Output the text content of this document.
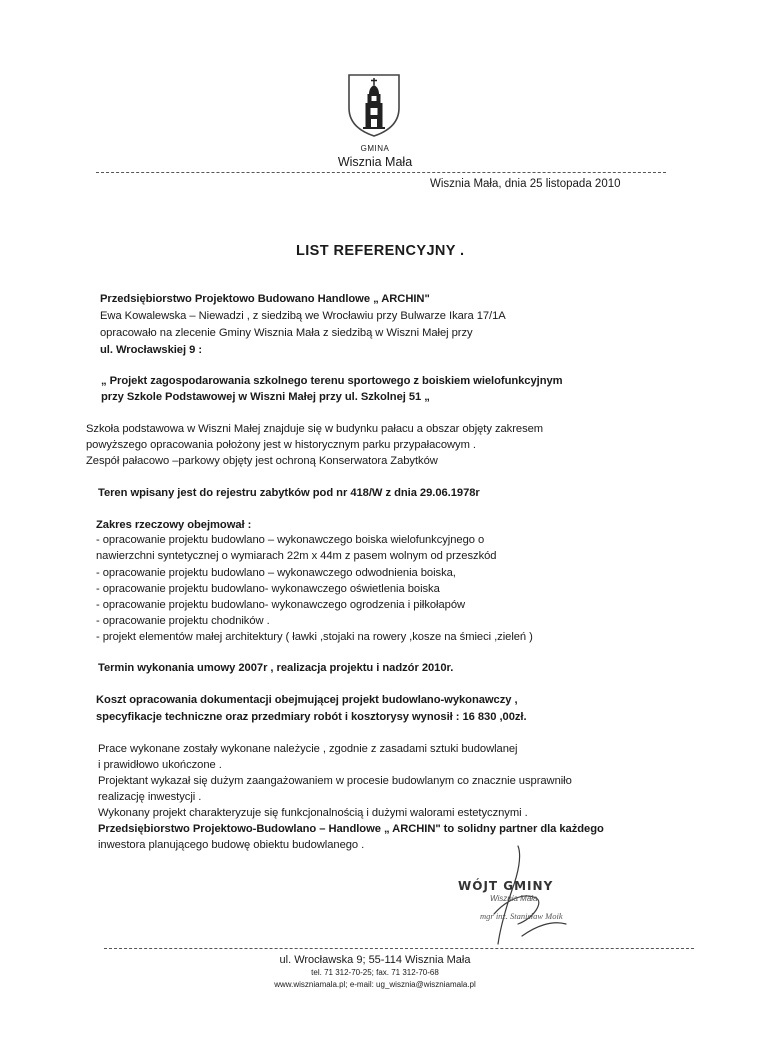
GMINA
Wisznia Mała
Wisznia Mała, dnia 25 listopada 2010
LIST REFERENCYJNY .
Przedsiębiorstwo Projektowo Budowano Handlowe „ ARCHIN"
Ewa Kowalewska – Niewadzi , z siedzibą we Wrocławiu przy Bulwarze Ikara 17/1A
opracowało na zlecenie Gminy Wisznia Mała z siedzibą w Wiszni Małej przy
ul. Wrocławskiej 9 :
„ Projekt zagospodarowania szkolnego terenu sportowego z boiskiem wielofunkcyjnym
przy Szkole Podstawowej w Wiszni Małej przy ul. Szkolnej 51 „
Szkoła podstawowa w Wiszni Małej znajduje się w budynku pałacu a obszar objęty zakresem
powyższego opracowania położony jest w historycznym parku przypałacowym .
Zespół pałacowo –parkowy objęty jest ochroną Konserwatora Zabytków
Teren wpisany jest do rejestru zabytków pod nr 418/W z dnia 29.06.1978r
Zakres rzeczowy obejmował :
- opracowanie projektu budowlano – wykonawczego boiska wielofunkcyjnego o
nawierzchni syntetycznej o wymiarach 22m x 44m z pasem wolnym od przeszkód
- opracowanie projektu budowlano – wykonawczego odwodnienia boiska,
- opracowanie projektu budowlano- wykonawczego oświetlenia boiska
- opracowanie projektu budowlano- wykonawczego ogrodzenia i piłkołapów
- opracowanie projektu chodników .
- projekt elementów małej architektury ( ławki ,stojaki na rowery ,kosze na śmieci ,zieleń )
Termin wykonania umowy 2007r , realizacja projektu i nadzór 2010r.
Koszt opracowania dokumentacji obejmującej projekt budowlano-wykonawczy ,
specyfikacje techniczne oraz przedmiary robót i kosztorysy wynosił : 16 830 ,00zł.
Prace wykonane zostały wykonane należycie , zgodnie z zasadami sztuki budowlanej
i prawidłowo ukończone .
Projektant wykazał się dużym zaangażowaniem w procesie budowlanym co znacznie usprawniło
realizację inwestycji .
Wykonany projekt charakteryzuje się funkcjonalnością i dużymi walorami estetycznymi .
Przedsiębiorstwo Projektowo-Budowlano – Handlowe „ ARCHIN" to solidny partner dla każdego
inwestora planującego budowę obiektu budowlanego .
WÓJT GMINY
Wisznia Mała
mgr inż. Stanisław Moik
ul. Wrocławska 9; 55-114 Wisznia Mała
tel. 71 312-70-25; fax. 71 312-70-68
www.wiszniamala.pl; e-mail: ug_wisznia@wiszniamala.pl
